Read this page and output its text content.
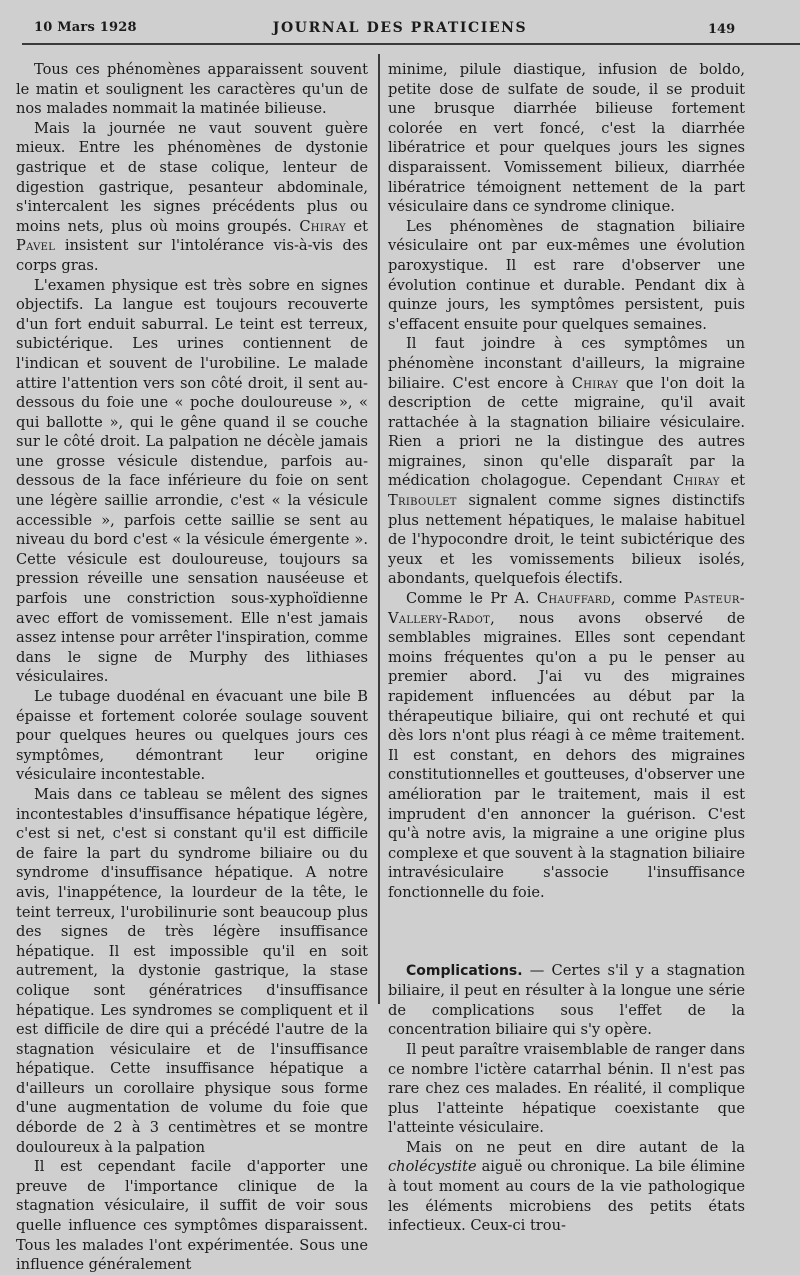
10 Mars 1928	JOURNAL DES PRATICIENS	149

Tous ces phénomènes apparaissent souvent le matin et soulignent les caractères qu'un de nos malades nommait la matinée bilieuse.

Mais la journée ne vaut souvent guère mieux. Entre les phénomènes de dystonie gastrique et de stase colique, lenteur de digestion gastrique, pesanteur abdominale, s'intercalent les signes précédents plus ou moins nets, plus où moins groupés. Chiray et Pavel insistent sur l'intolérance vis-à-vis des corps gras.

L'examen physique est très sobre en signes objectifs. La langue est toujours recouverte d'un fort enduit saburral. Le teint est terreux, subictérique. Les urines contiennent de l'indican et souvent de l'urobiline. Le malade attire l'attention vers son côté droit, il sent au-dessous du foie une « poche douloureuse », « qui ballotte », qui le gêne quand il se couche sur le côté droit. La palpation ne décèle jamais une grosse vésicule distendue, parfois au-dessous de la face inférieure du foie on sent une légère saillie arrondie, c'est « la vésicule accessible », parfois cette saillie se sent au niveau du bord c'est « la vésicule émergente ». Cette vésicule est douloureuse, toujours sa pression réveille une sensation nauséeuse et parfois une constriction sous-xyphoïdienne avec effort de vomissement. Elle n'est jamais assez intense pour arrêter l'inspiration, comme dans le signe de Murphy des lithiases vésiculaires.

Le tubage duodénal en évacuant une bile B épaisse et fortement colorée soulage souvent pour quelques heures ou quelques jours ces symptômes, démontrant leur origine vésiculaire incontestable.

Mais dans ce tableau se mêlent des signes incontestables d'insuffisance hépatique légère, c'est si net, c'est si constant qu'il est difficile de faire la part du syndrome biliaire ou du syndrome d'insuffisance hépatique. A notre avis, l'inappétence, la lourdeur de la tête, le teint terreux, l'urobilinurie sont beaucoup plus des signes de très légère insuffisance hépatique. Il est impossible qu'il en soit autrement, la dystonie gastrique, la stase colique sont génératrices d'insuffisance hépatique. Les syndromes se compliquent et il est difficile de dire qui a précédé l'autre de la stagnation vésiculaire et de l'insuffisance hépatique. Cette insuffisance hépatique a d'ailleurs un corollaire physique sous forme d'une augmentation de volume du foie que déborde de 2 à 3 centimètres et se montre douloureux à la palpation

Il est cependant facile d'apporter une preuve de l'importance clinique de la stagnation vésiculaire, il suffit de voir sous quelle influence ces symptômes disparaissent. Tous les malades l'ont expérimentée. Sous une influence généralement

minime, pilule diastique, infusion de boldo, petite dose de sulfate de soude, il se produit une brusque diarrhée bilieuse fortement colorée en vert foncé, c'est la diarrhée libératrice et pour quelques jours les signes disparaissent. Vomissement bilieux, diarrhée libératrice témoignent nettement de la part vésiculaire dans ce syndrome clinique.

Les phénomènes de stagnation biliaire vésiculaire ont par eux-mêmes une évolution paroxystique. Il est rare d'observer une évolution continue et durable. Pendant dix à quinze jours, les symptômes persistent, puis s'effacent ensuite pour quelques semaines.

Il faut joindre à ces symptômes un phénomène inconstant d'ailleurs, la migraine biliaire. C'est encore à Chiray que l'on doit la description de cette migraine, qu'il avait rattachée à la stagnation biliaire vésiculaire. Rien a priori ne la distingue des autres migraines, sinon qu'elle disparaît par la médication cholagogue. Cependant Chiray et Triboulet signalent comme signes distinctifs plus nettement hépatiques, le malaise habituel de l'hypocondre droit, le teint subictérique des yeux et les vomissements bilieux isolés, abondants, quelquefois électifs.

Comme le Pr A. Chauffard, comme Pasteur-Vallery-Radot, nous avons observé de semblables migraines. Elles sont cependant moins fréquentes qu'on a pu le penser au premier abord. J'ai vu des migraines rapidement influencées au début par la thérapeutique biliaire, qui ont rechuté et qui dès lors n'ont plus réagi à ce même traitement. Il est constant, en dehors des migraines constitutionnelles et goutteuses, d'observer une amélioration par le traitement, mais il est imprudent d'en annoncer la guérison. C'est qu'à notre avis, la migraine a une origine plus complexe et que souvent à la stagnation biliaire intravésiculaire s'associe l'insuffisance fonctionnelle du foie.

Complications. — Certes s'il y a stagnation biliaire, il peut en résulter à la longue une série de complications sous l'effet de la concentration biliaire qui s'y opère.

Il peut paraître vraisemblable de ranger dans ce nombre l'ictère catarrhal bénin. Il n'est pas rare chez ces malades. En réalité, il complique plus l'atteinte hépatique coexistante que l'atteinte vésiculaire.

Mais on ne peut en dire autant de la cholécystite aiguë ou chronique. La bile élimine à tout moment au cours de la vie pathologique les éléments microbiens des petits états infectieux. Ceux-ci trou-
